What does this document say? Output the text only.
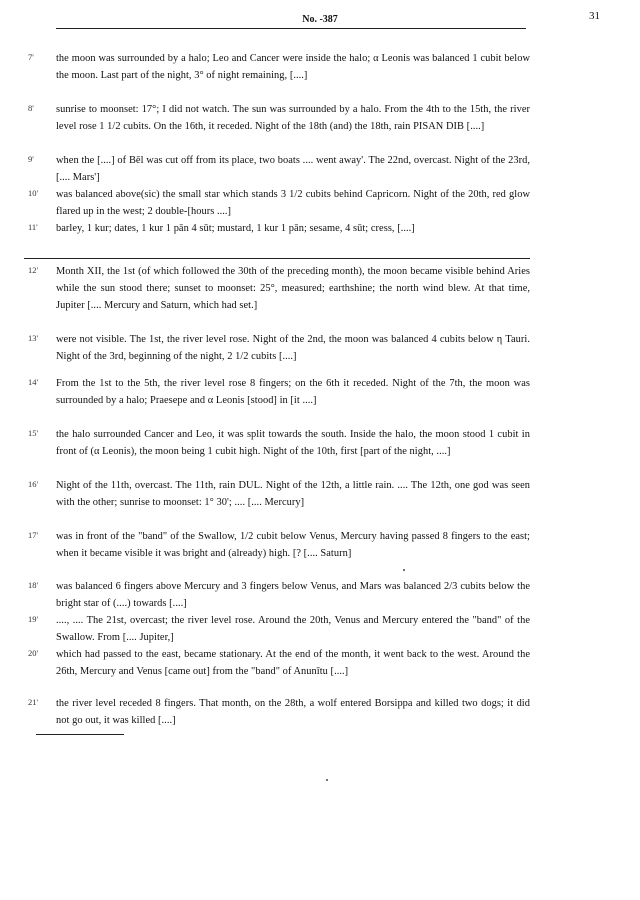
No. -387	31
7' the moon was surrounded by a halo; Leo and Cancer were inside the halo; α Leonis was balanced 1 cubit below the moon. Last part of the night, 3° of night remaining, [....]
8' sunrise to moonset: 17°; I did not watch. The sun was surrounded by a halo. From the 4th to the 15th, the river level rose 1 1/2 cubits. On the 16th, it receded. Night of the 18th (and) the 18th, rain PISAN DIB [....]
9' when the [....] of Bēl was cut off from its place, two boats .... went away'. The 22nd, overcast. Night of the 23rd, [.... Mars']
10' was balanced above(sic) the small star which stands 3 1/2 cubits behind Capricorn. Night of the 20th, red glow flared up in the west; 2 double-[hours ....]
11' barley, 1 kur; dates, 1 kur 1 pān 4 sūt; mustard, 1 kur 1 pān; sesame, 4 sūt; cress, [....]
12' Month XII, the 1st (of which followed the 30th of the preceding month), the moon became visible behind Aries while the sun stood there; sunset to moonset: 25°, measured; earthshine; the north wind blew. At that time, Jupiter [.... Mercury and Saturn, which had set.]
13' were not visible. The 1st, the river level rose. Night of the 2nd, the moon was balanced 4 cubits below η Tauri. Night of the 3rd, beginning of the night, 2 1/2 cubits [....]
14' From the 1st to the 5th, the river level rose 8 fingers; on the 6th it receded. Night of the 7th, the moon was surrounded by a halo; Praesepe and α Leonis [stood] in [it ....]
15' the halo surrounded Cancer and Leo, it was split towards the south. Inside the halo, the moon stood 1 cubit in front of (α Leonis), the moon being 1 cubit high. Night of the 10th, first [part of the night, ....]
16' Night of the 11th, overcast. The 11th, rain DUL. Night of the 12th, a little rain. .... The 12th, one god was seen with the other; sunrise to moonset: 1° 30'; .... [.... Mercury]
17' was in front of the "band" of the Swallow, 1/2 cubit below Venus, Mercury having passed 8 fingers to the east; when it became visible it was bright and (already) high. [? [.... Saturn]
18' was balanced 6 fingers above Mercury and 3 fingers below Venus, and Mars was balanced 2/3 cubits below the bright star of (....) towards [....]
19' ...., .... The 21st, overcast; the river level rose. Around the 20th, Venus and Mercury entered the "band" of the Swallow. From [.... Jupiter,]
20' which had passed to the east, became stationary. At the end of the month, it went back to the west. Around the 26th, Mercury and Venus [came out] from the "band" of Anunītu [....]
21' the river level receded 8 fingers. That month, on the 28th, a wolf entered Borsippa and killed two dogs; it did not go out, it was killed [....]
